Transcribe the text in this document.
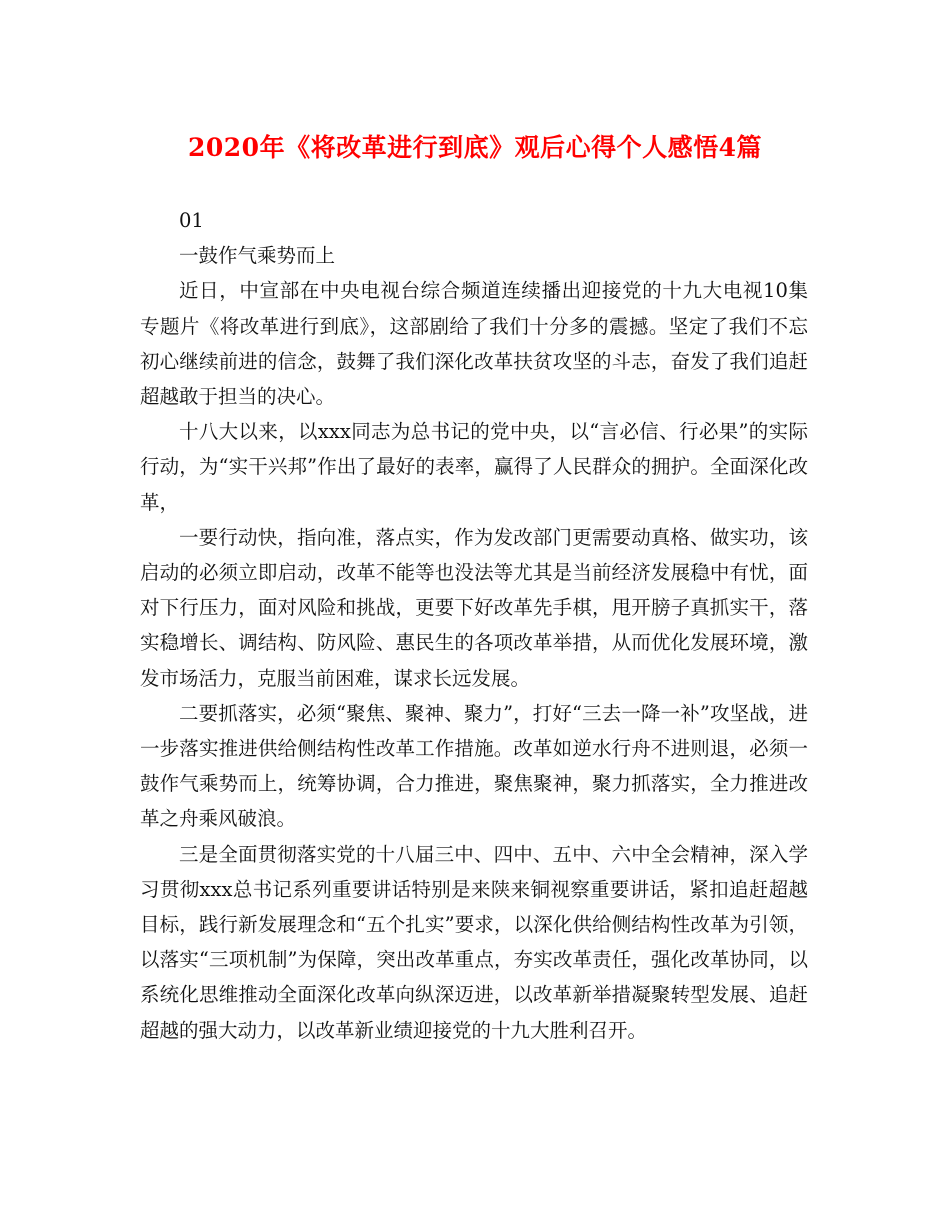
2020年《将改革进行到底》观后心得个人感悟4篇

01

一鼓作气乘势而上

近日，中宣部在中央电视台综合频道连续播出迎接党的十九大电视10集专题片《将改革进行到底》，这部剧给了我们十分多的震撼。坚定了我们不忘初心继续前进的信念，鼓舞了我们深化改革扶贫攻坚的斗志，奋发了我们追赶超越敢于担当的决心。

十八大以来，以xxx同志为总书记的党中央，以“言必信、行必果”的实际行动，为“实干兴邦”作出了最好的表率，赢得了人民群众的拥护。全面深化改革，

一要行动快，指向准，落点实，作为发改部门更需要动真格、做实功，该启动的必须立即启动，改革不能等也没法等尤其是当前经济发展稳中有忧，面对下行压力，面对风险和挑战，更要下好改革先手棋，甩开膀子真抓实干，落实稳增长、调结构、防风险、惠民生的各项改革举措，从而优化发展环境，激发市场活力，克服当前困难，谋求长远发展。

二要抓落实，必须“聚焦、聚神、聚力”，打好“三去一降一补”攻坚战，进一步落实推进供给侧结构性改革工作措施。改革如逆水行舟不进则退，必须一鼓作气乘势而上，统筹协调，合力推进，聚焦聚神，聚力抓落实，全力推进改革之舟乘风破浪。

三是全面贯彻落实党的十八届三中、四中、五中、六中全会精神，深入学习贯彻xxx总书记系列重要讲话特别是来陕来铜视察重要讲话，紧扣追赶超越目标，践行新发展理念和“五个扎实”要求，以深化供给侧结构性改革为引领，以落实“三项机制”为保障，突出改革重点，夯实改革责任，强化改革协同，以系统化思维推动全面深化改革向纵深迈进，以改革新举措凝聚转型发展、追赶超越的强大动力，以改革新业绩迎接党的十九大胜利召开。
